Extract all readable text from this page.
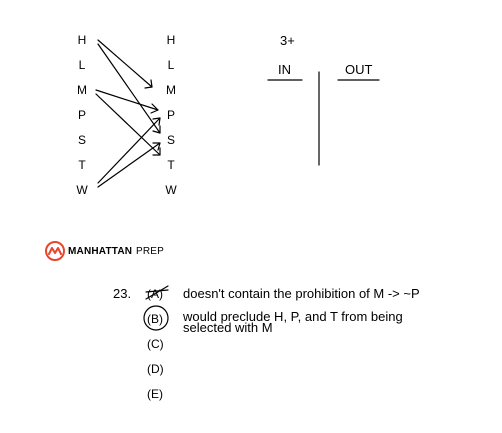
H
L
M
P
S
T
W
H
L
M
P
S
T
W
3+
IN	OUT
MANHATTAN PREP
23. (A) doesn't contain the prohibition of M -> ~P
(B) would preclude H, P, and T from being
selected with M
(C)
(D)
(E)
